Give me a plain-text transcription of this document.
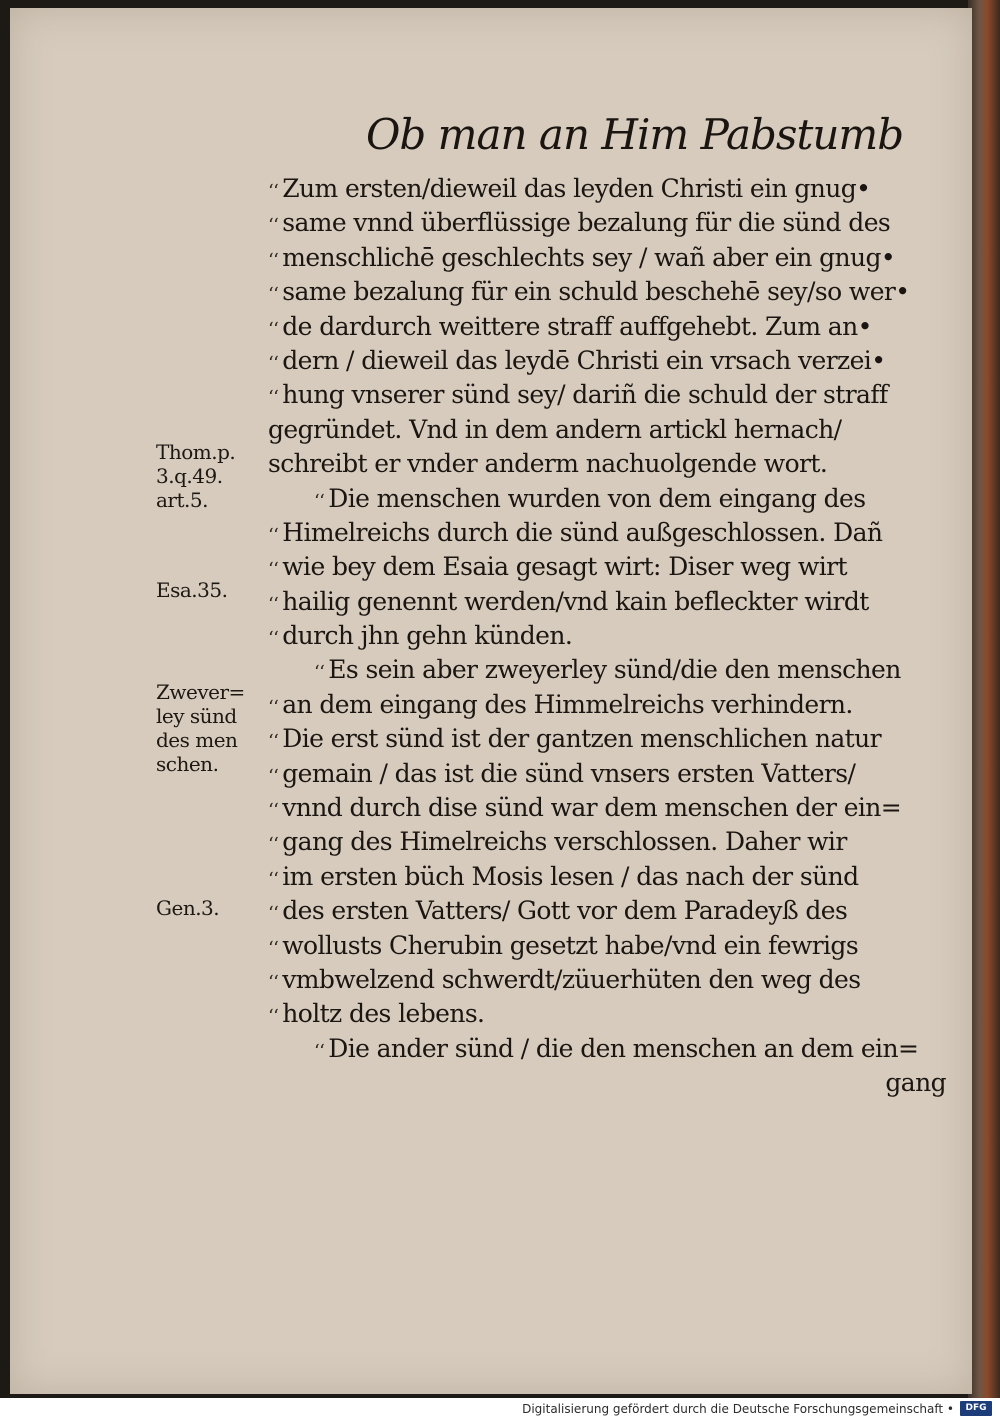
Ob man an Him Pabstumb
‘‘ Zum ersten/dieweil das leyden Christi ein gnug•
‘‘ same vnnd überflüssige bezalung für die sünd des
‘‘ menschlichē geschlechts sey / wañ aber ein gnug•
‘‘ same bezalung für ein schuld beschehē sey/so wer•
‘‘ de dardurch weittere straff auffgehebt. Zum an•
‘‘ dern / dieweil das leydē Christi ein vrsach verzei•
‘‘ hung vnserer sünd sey/ dariñ die schuld der straff
gegründet. Vnd in dem andern artickl hernach/
schreibt er vnder anderm nachuolgende wort.
‘‘ Die menschen wurden von dem eingang des
‘‘ Himelreichs durch die sünd außgeschlossen. Dañ
‘‘ wie bey dem Esaia gesagt wirt: Diser weg wirt
‘‘ hailig genennt werden/vnd kain befleckter wirdt
‘‘ durch jhn gehn künden.
‘‘ Es sein aber zweyerley sünd/die den menschen
‘‘ an dem eingang des Himmelreichs verhindern.
‘‘ Die erst sünd ist der gantzen menschlichen natur
‘‘ gemain / das ist die sünd vnsers ersten Vatters/
‘‘ vnnd durch dise sünd war dem menschen der ein=
‘‘ gang des Himelreichs verschlossen. Daher wir
‘‘ im ersten büch Mosis lesen / das nach der sünd
‘‘ des ersten Vatters/ Gott vor dem Paradeyß des
‘‘ wollusts Cherubin gesetzt habe/vnd ein fewrigs
‘‘ vmbwelzend schwerdt/züuerhüten den weg des
‘‘ holtz des lebens.
‘‘ Die ander sünd / die den menschen an dem ein=
gang
Thom.p. 3.q.49. art.5.
Esa.35.
Zwever= ley sünd des men schen.
Gen.3.
Digitalisierung gefördert durch die Deutsche Forschungsgemeinschaft •	DFG
